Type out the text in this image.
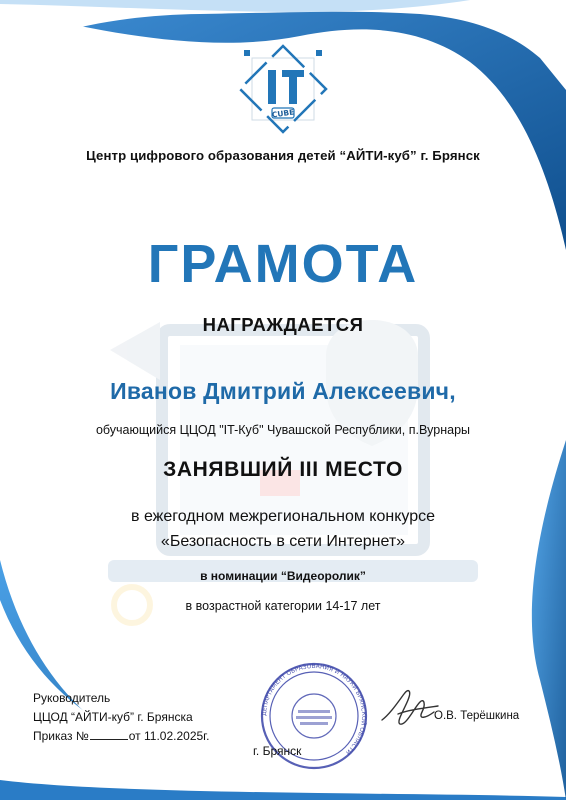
CUBE
Центр цифрового образования детей “АЙТИ-куб” г. Брянск
ГРАМОТА
НАГРАЖДАЕТСЯ
Иванов Дмитрий Алексеевич,
обучающийся ЦЦОД "IT-Куб" Чувашской Республики, п.Вурнары
ЗАНЯВШИЙ III МЕСТО
в ежегодном межрегиональном конкурсе
«Безопасность в сети Интернет»
в номинации “Видеоролик”
в возрастной категории 14-17 лет
Руководитель
ЦЦОД “АЙТИ-куб” г. Брянска
Приказ №	от 11.02.2025г.
ДЕПАРТАМЕНТ ОБРАЗОВАНИЯ И НАУКИ БРЯНСКОЙ ОБЛАСТИ
О.В. Терёшкина
г. Брянск
